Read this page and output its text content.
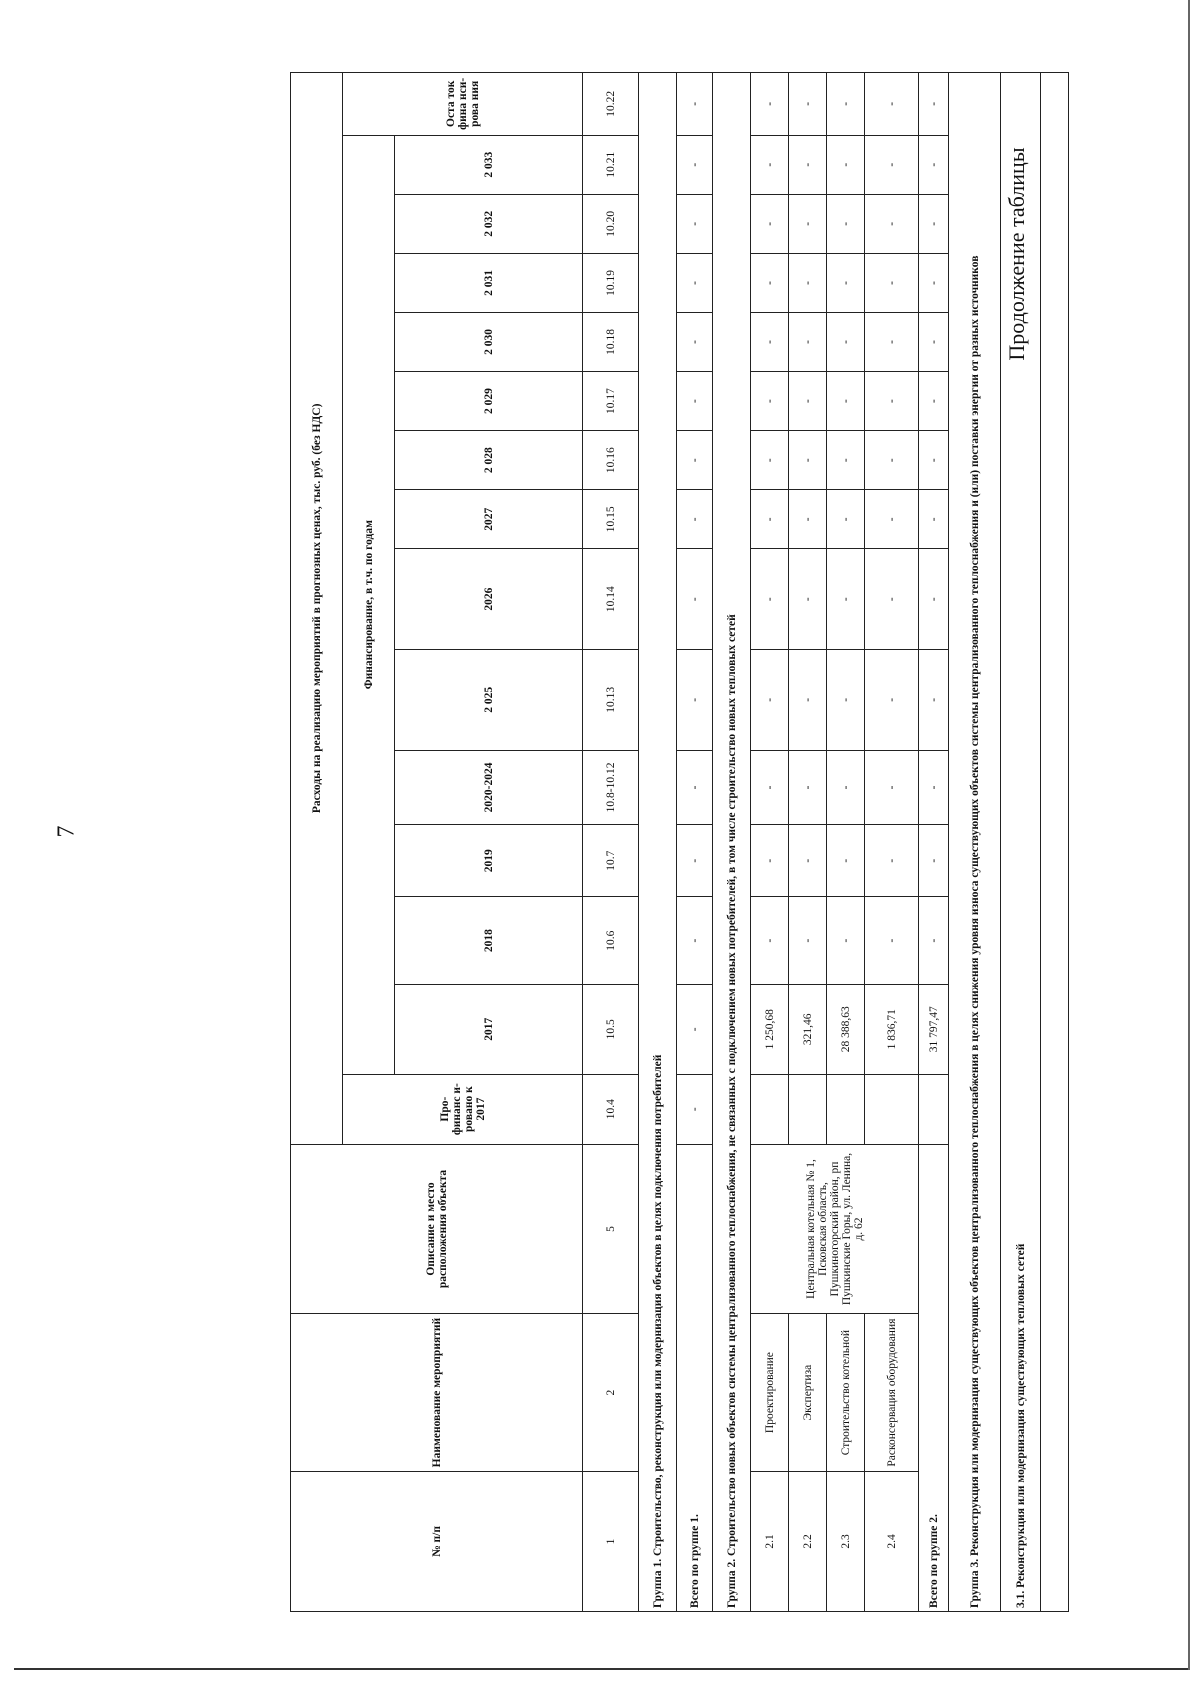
7
Продолжение таблицы
№ п/п	Наименование мероприятий	Описание и место расположения объекта	Расходы на реализацию мероприятий в прогнозных ценах, тыс. руб. (без НДС)														
			Про-финанс и-ровано к 2017	Финансирование, в т.ч. по годам													Оста ток фина нси-рова ния
				2017	2018	2019	2020-2024	2 025	2026	2027	2 028	2 029	2 030	2 031	2 032	2 033	
1	2	5	10.4	10.5	10.6	10.7	10.8-10.12	10.13	10.14	10.15	10.16	10.17	10.18	10.19	10.20	10.21	10.22
Группа 1. Строительство, реконструкция или модернизация объектов в целях подключения потребителей																	
Всего по группе 1.			-	-	-	-	-	-	-	-	-	-	-	-	-	-	-
Группа 2. Строительство новых объектов системы централизованного теплоснабжения, не связанных с подключением новых потребителей, в том числе строительство новых тепловых сетей																	
2.1	Проектирование	Центральная котельная № 1, Псковская область, Пушкиногорский район, рп Пушкинские Горы, ул. Ленина, д. 62		1 250,68	-	-	-	-	-	-	-	-	-	-	-	-	-
2.2	Экспертиза			321,46	-	-	-	-	-	-	-	-	-	-	-	-	-
2.3	Строительство котельной			28 388,63	-	-	-	-	-	-	-	-	-	-	-	-	-
2.4	Расконсервация оборудования			1 836,71	-	-	-	-	-	-	-	-	-	-	-	-	-
Всего по группе 2.				31 797,47	-	-	-	-	-	-	-	-	-	-	-	-	-
Группа 3. Реконструкция или модернизация существующих объектов централизованного теплоснабжения в целях снижения уровня износа существующих объектов системы централизованного теплоснабжения и (или) поставки энергии от разных источников																	
3.1. Реконструкция или модернизация существующих тепловых сетей																	
